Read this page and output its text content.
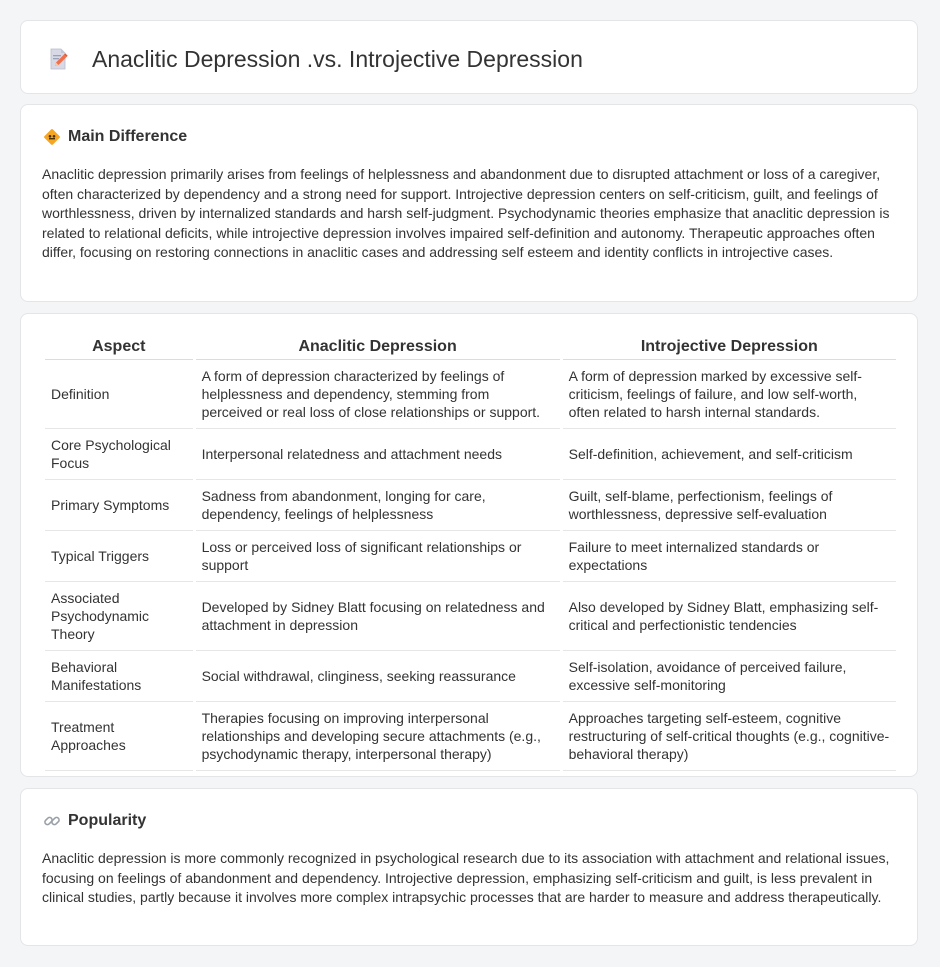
Anaclitic Depression .vs. Introjective Depression
Main Difference

Anaclitic depression primarily arises from feelings of helplessness and abandonment due to disrupted attachment or loss of a caregiver, often characterized by dependency and a strong need for support. Introjective depression centers on self-criticism, guilt, and feelings of worthlessness, driven by internalized standards and harsh self-judgment. Psychodynamic theories emphasize that anaclitic depression is related to relational deficits, while introjective depression involves impaired self-definition and autonomy. Therapeutic approaches often differ, focusing on restoring connections in anaclitic cases and addressing self esteem and identity conflicts in introjective cases.

Aspect	Anaclitic Depression	Introjective Depression
Definition	A form of depression characterized by feelings of helplessness and dependency, stemming from perceived or real loss of close relationships or support.	A form of depression marked by excessive self-criticism, feelings of failure, and low self-worth, often related to harsh internal standards.
Core Psychological Focus	Interpersonal relatedness and attachment needs	Self-definition, achievement, and self-criticism
Primary Symptoms	Sadness from abandonment, longing for care, dependency, feelings of helplessness	Guilt, self-blame, perfectionism, feelings of worthlessness, depressive self-evaluation
Typical Triggers	Loss or perceived loss of significant relationships or support	Failure to meet internalized standards or expectations
Associated Psychodynamic Theory	Developed by Sidney Blatt focusing on relatedness and attachment in depression	Also developed by Sidney Blatt, emphasizing self-critical and perfectionistic tendencies
Behavioral Manifestations	Social withdrawal, clinginess, seeking reassurance	Self-isolation, avoidance of perceived failure, excessive self-monitoring
Treatment Approaches	Therapies focusing on improving interpersonal relationships and developing secure attachments (e.g., psychodynamic therapy, interpersonal therapy)	Approaches targeting self-esteem, cognitive restructuring of self-critical thoughts (e.g., cognitive-behavioral therapy)
Popularity

Anaclitic depression is more commonly recognized in psychological research due to its association with attachment and relational issues, focusing on feelings of abandonment and dependency. Introjective depression, emphasizing self-criticism and guilt, is less prevalent in clinical studies, partly because it involves more complex intrapsychic processes that are harder to measure and address therapeutically.
